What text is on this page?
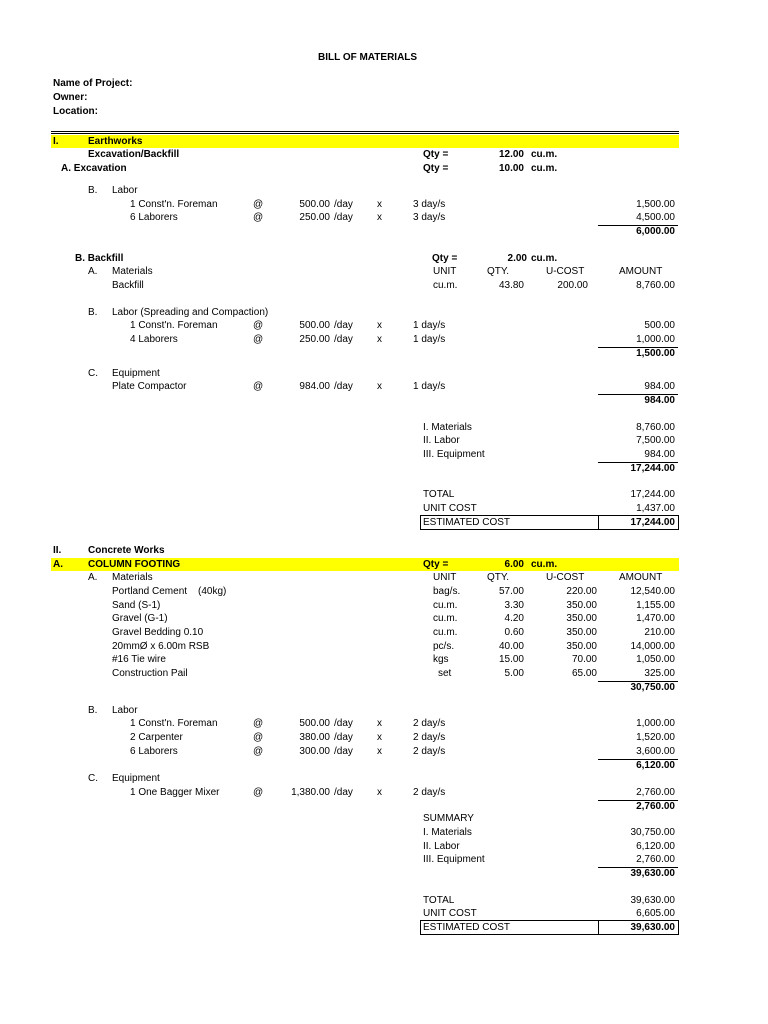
BILL OF MATERIALS
Name of Project:
Owner:
Location:
I.	Earthworks
Excavation/Backfill	Qty =	12.00 cu.m.
A. Excavation	Qty =	10.00 cu.m.
B. Labor
1 Const'n. Foreman	@	500.00 /day x	3 day/s	1,500.00
6 Laborers	@	250.00 /day x	3 day/s	4,500.00
6,000.00
B. Backfill	Qty =	2.00 cu.m.
A. Materials	UNIT	QTY.	U-COST	AMOUNT
Backfill	cu.m.	43.80	200.00	8,760.00
B. Labor (Spreading and Compaction)
1 Const'n. Foreman	@	500.00 /day x	1 day/s	500.00
4 Laborers	@	250.00 /day x	1 day/s	1,000.00
1,500.00
C. Equipment
Plate Compactor	@	984.00 /day x	1 day/s	984.00
984.00
I. Materials	8,760.00
II. Labor	7,500.00
III. Equipment	984.00
17,244.00
TOTAL	17,244.00
UNIT COST	1,437.00
ESTIMATED COST	17,244.00
II.	Concrete Works
A.	COLUMN FOOTING	Qty =	6.00 cu.m.
A. Materials	UNIT	QTY.	U-COST	AMOUNT
Portland Cement (40kg)	bag/s.	57.00	220.00	12,540.00
Sand (S-1)	cu.m.	3.30	350.00	1,155.00
Gravel (G-1)	cu.m.	4.20	350.00	1,470.00
Gravel Bedding 0.10	cu.m.	0.60	350.00	210.00
20mmØ x 6.00m RSB	pc/s.	40.00	350.00	14,000.00
#16 Tie wire	kgs	15.00	70.00	1,050.00
Construction Pail	set	5.00	65.00	325.00
30,750.00
B. Labor
1 Const'n. Foreman	@	500.00 /day x	2 day/s	1,000.00
2 Carpenter	@	380.00 /day x	2 day/s	1,520.00
6 Laborers	@	300.00 /day x	2 day/s	3,600.00
6,120.00
C. Equipment
1 One Bagger Mixer	@	1,380.00 /day x	2 day/s	2,760.00
2,760.00
SUMMARY
I. Materials	30,750.00
II. Labor	6,120.00
III. Equipment	2,760.00
39,630.00
TOTAL	39,630.00
UNIT COST	6,605.00
ESTIMATED COST	39,630.00
